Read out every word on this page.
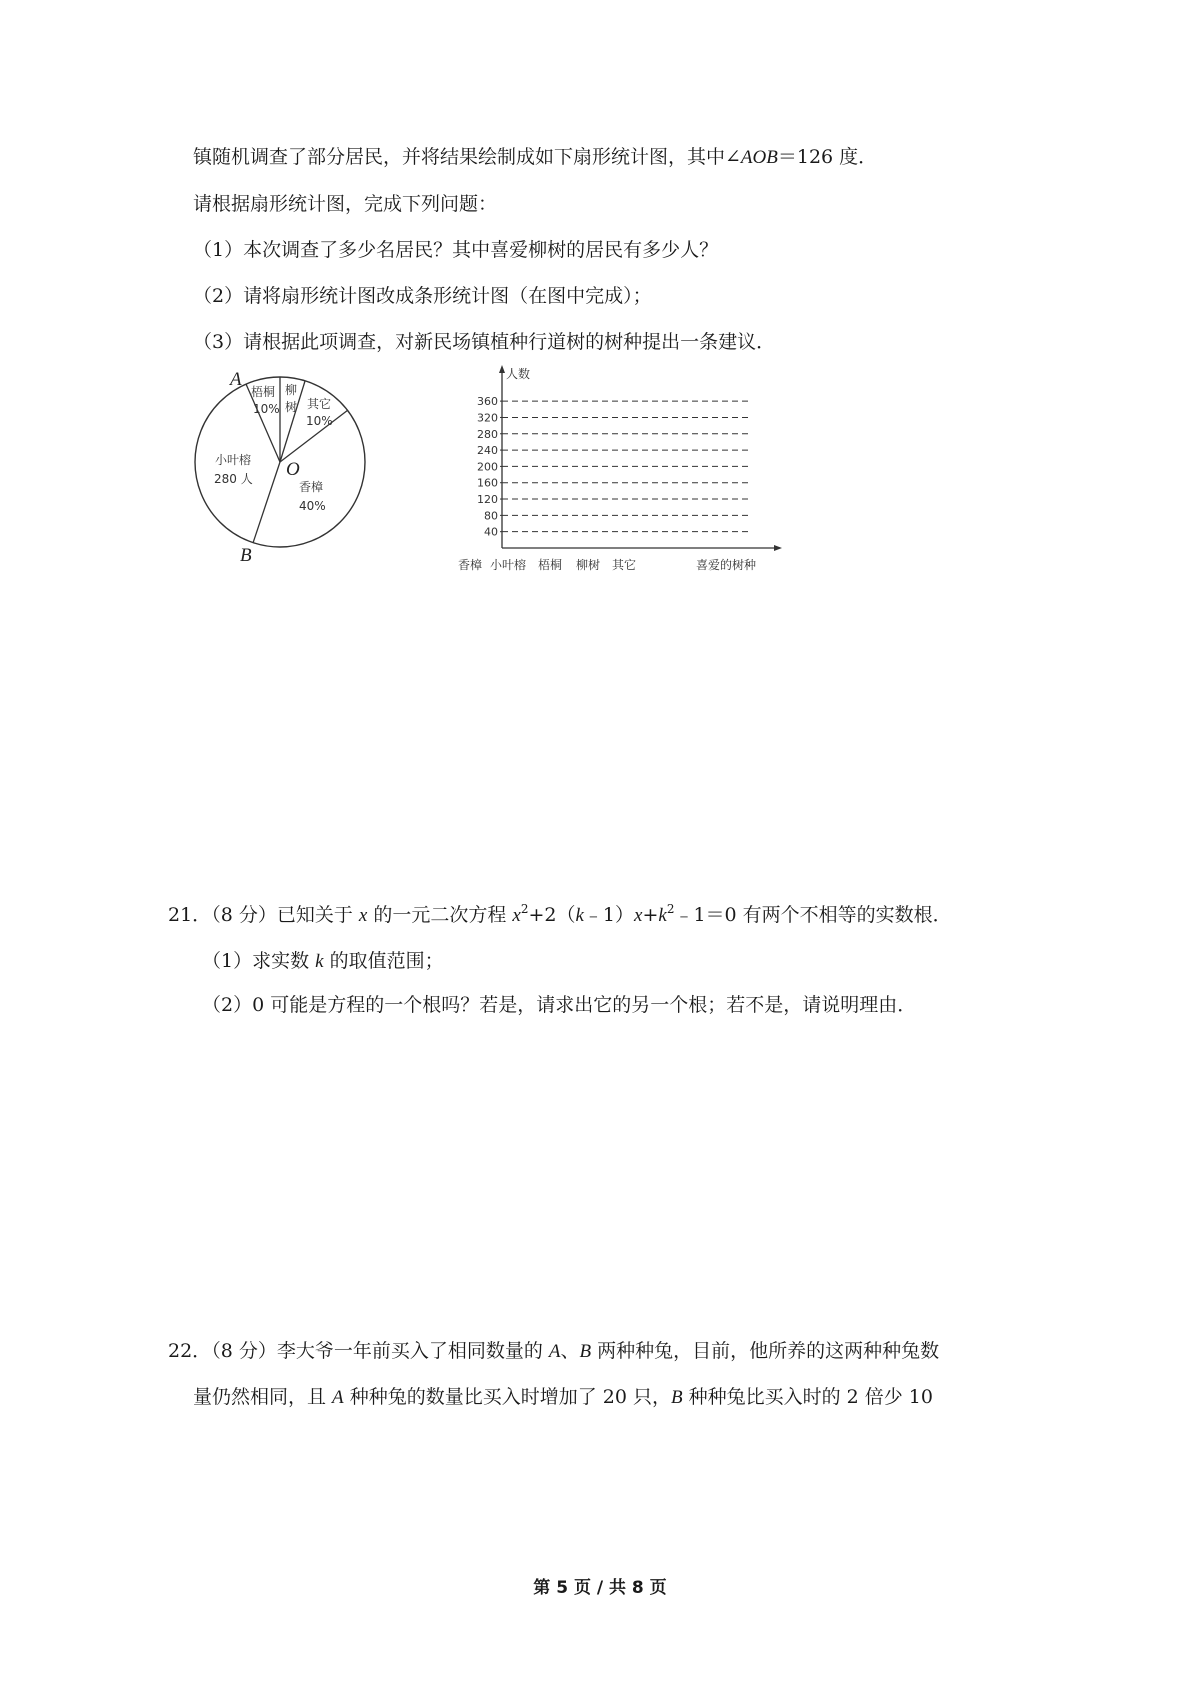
镇随机调查了部分居民，并将结果绘制成如下扇形统计图，其中∠AOB＝126 度．
请根据扇形统计图，完成下列问题：
（1）本次调查了多少名居民？其中喜爱柳树的居民有多少人？
（2）请将扇形统计图改成条形统计图（在图中完成）；
（3）请根据此项调查，对新民场镇植种行道树的树种提出一条建议．
A
B
O
梧桐
10%
柳
树 其它
10%
小叶榕
280 人
香樟
40%
人数
40
80
120
160
200
240
280
320
360
香樟 小叶榕 梧桐 柳树 其它	喜爱的树种
21．（8 分）已知关于 x 的一元二次方程 $x^2+2(k﹣1)x+k^2﹣1=0$ 有两个不相等的实数根．
（1）求实数 k 的取值范围；
（2）0 可能是方程的一个根吗？若是，请求出它的另一个根；若不是，请说明理由．
22．（8 分）李大爷一年前买入了相同数量的 A、B 两种种兔，目前，他所养的这两种种兔数
量仍然相同，且 A 种种兔的数量比买入时增加了 20 只，B 种种兔比买入时的 2 倍少 10
第 5 页 / 共 8 页
